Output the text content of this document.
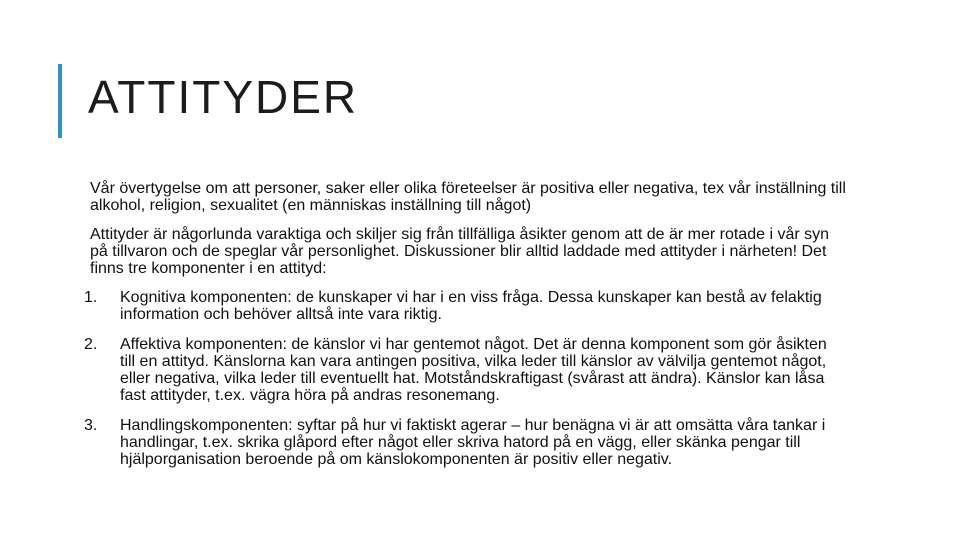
ATTITYDER

Vår övertygelse om att personer, saker eller olika företeelser är positiva eller negativa, tex vår inställning till alkohol, religion, sexualitet (en människas inställning till något)

Attityder är någorlunda varaktiga och skiljer sig från tillfälliga åsikter genom att de är mer rotade i vår syn på tillvaron och de speglar vår personlighet. Diskussioner blir alltid laddade med attityder i närheten! Det finns tre komponenter i en attityd:

1. Kognitiva komponenten: de kunskaper vi har i en viss fråga. Dessa kunskaper kan bestå av felaktig information och behöver alltså inte vara riktig.
2. Affektiva komponenten: de känslor vi har gentemot något. Det är denna komponent som gör åsikten till en attityd. Känslorna kan vara antingen positiva, vilka leder till känslor av välvilja gentemot något, eller negativa, vilka leder till eventuellt hat. Motståndskraftigast (svårast att ändra). Känslor kan låsa fast attityder, t.ex. vägra höra på andras resonemang.
3. Handlingskomponenten: syftar på hur vi faktiskt agerar – hur benägna vi är att omsätta våra tankar i handlingar, t.ex. skrika glåpord efter något eller skriva hatord på en vägg, eller skänka pengar till hjälporganisation beroende på om känslokomponenten är positiv eller negativ.
